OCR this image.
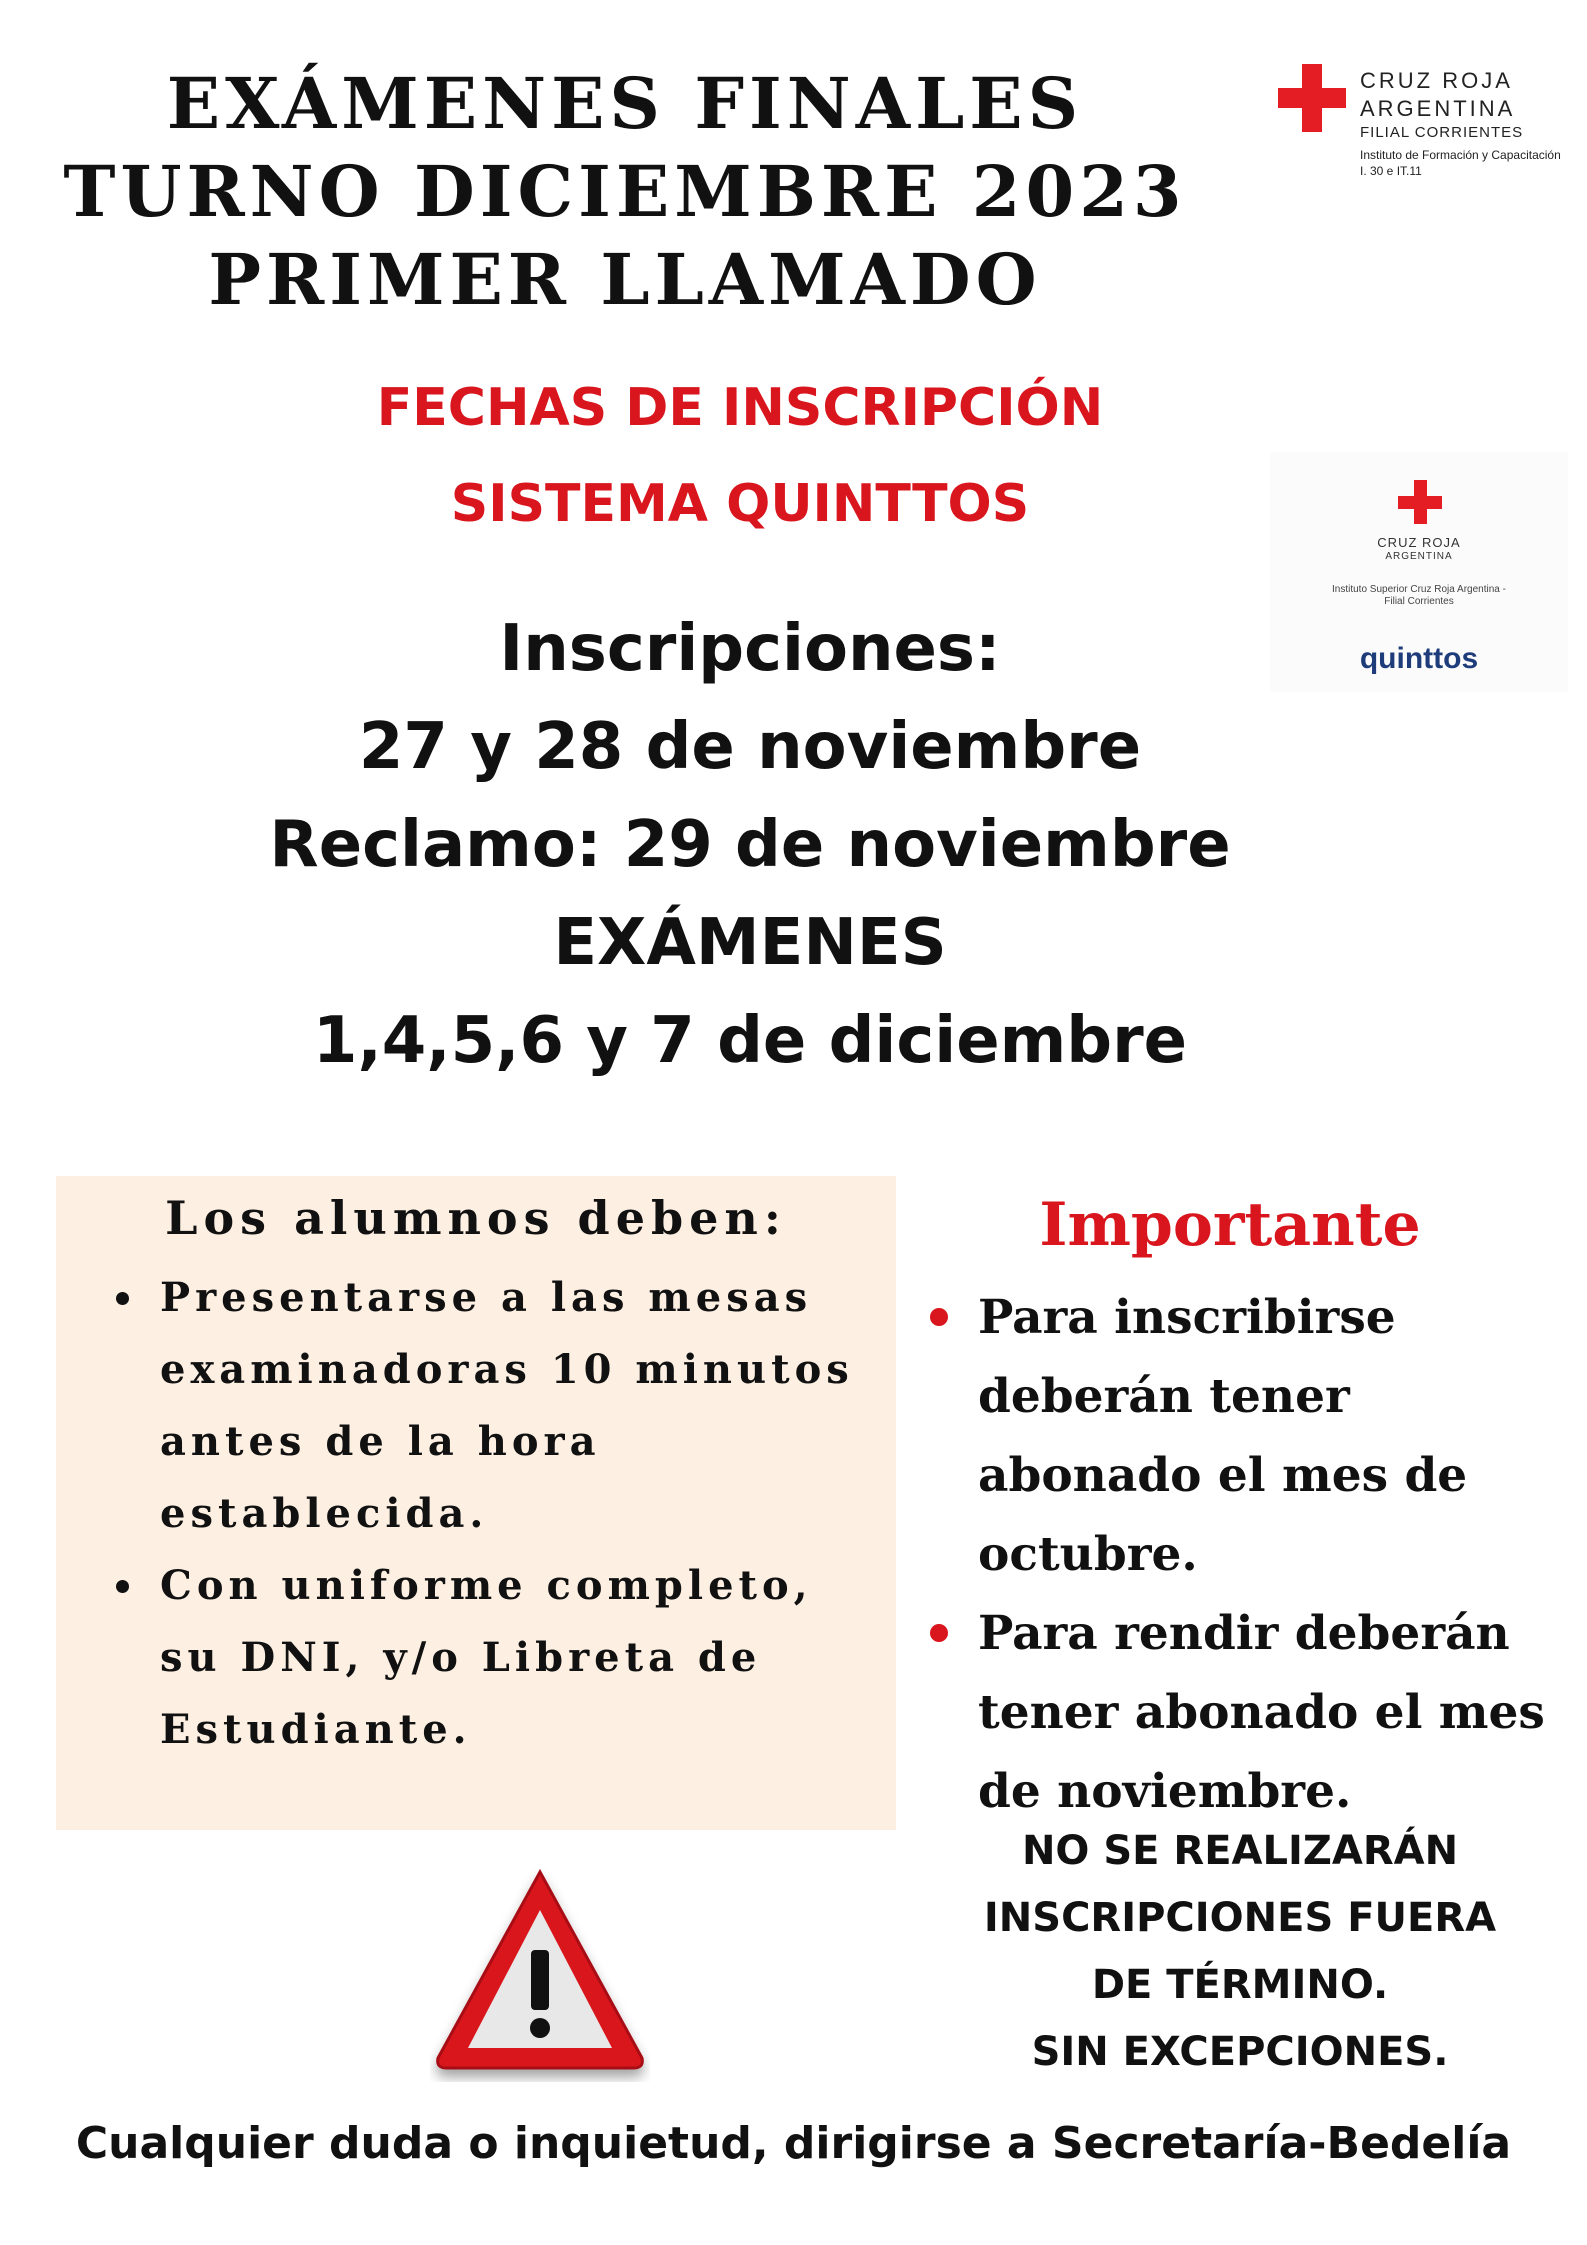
EXÁMENES FINALES
TURNO DICIEMBRE 2023
PRIMER LLAMADO
CRUZ ROJA
ARGENTINA
FILIAL CORRIENTES
Instituto de Formación y Capacitación
I. 30 e IT.11
FECHAS DE INSCRIPCIÓN
SISTEMA QUINTTOS
CRUZ ROJA
ARGENTINA
Instituto Superior Cruz Roja Argentina -
Filial Corrientes
quinttos
Inscripciones:
27 y 28 de noviembre
Reclamo: 29 de noviembre
EXÁMENES
1,4,5,6 y 7 de diciembre
Los alumnos deben:
Presentarse a las mesas examinadoras 10 minutos antes de la hora establecida.
Con uniforme completo, su DNI, y/o Libreta de Estudiante.
Importante
Para inscribirse deberán tener abonado el mes de octubre.
Para rendir deberán tener abonado el mes de noviembre.
NO SE REALIZARÁN
INSCRIPCIONES FUERA
DE TÉRMINO.
SIN EXCEPCIONES.
Cualquier duda o inquietud, dirigirse a Secretaría-Bedelía
